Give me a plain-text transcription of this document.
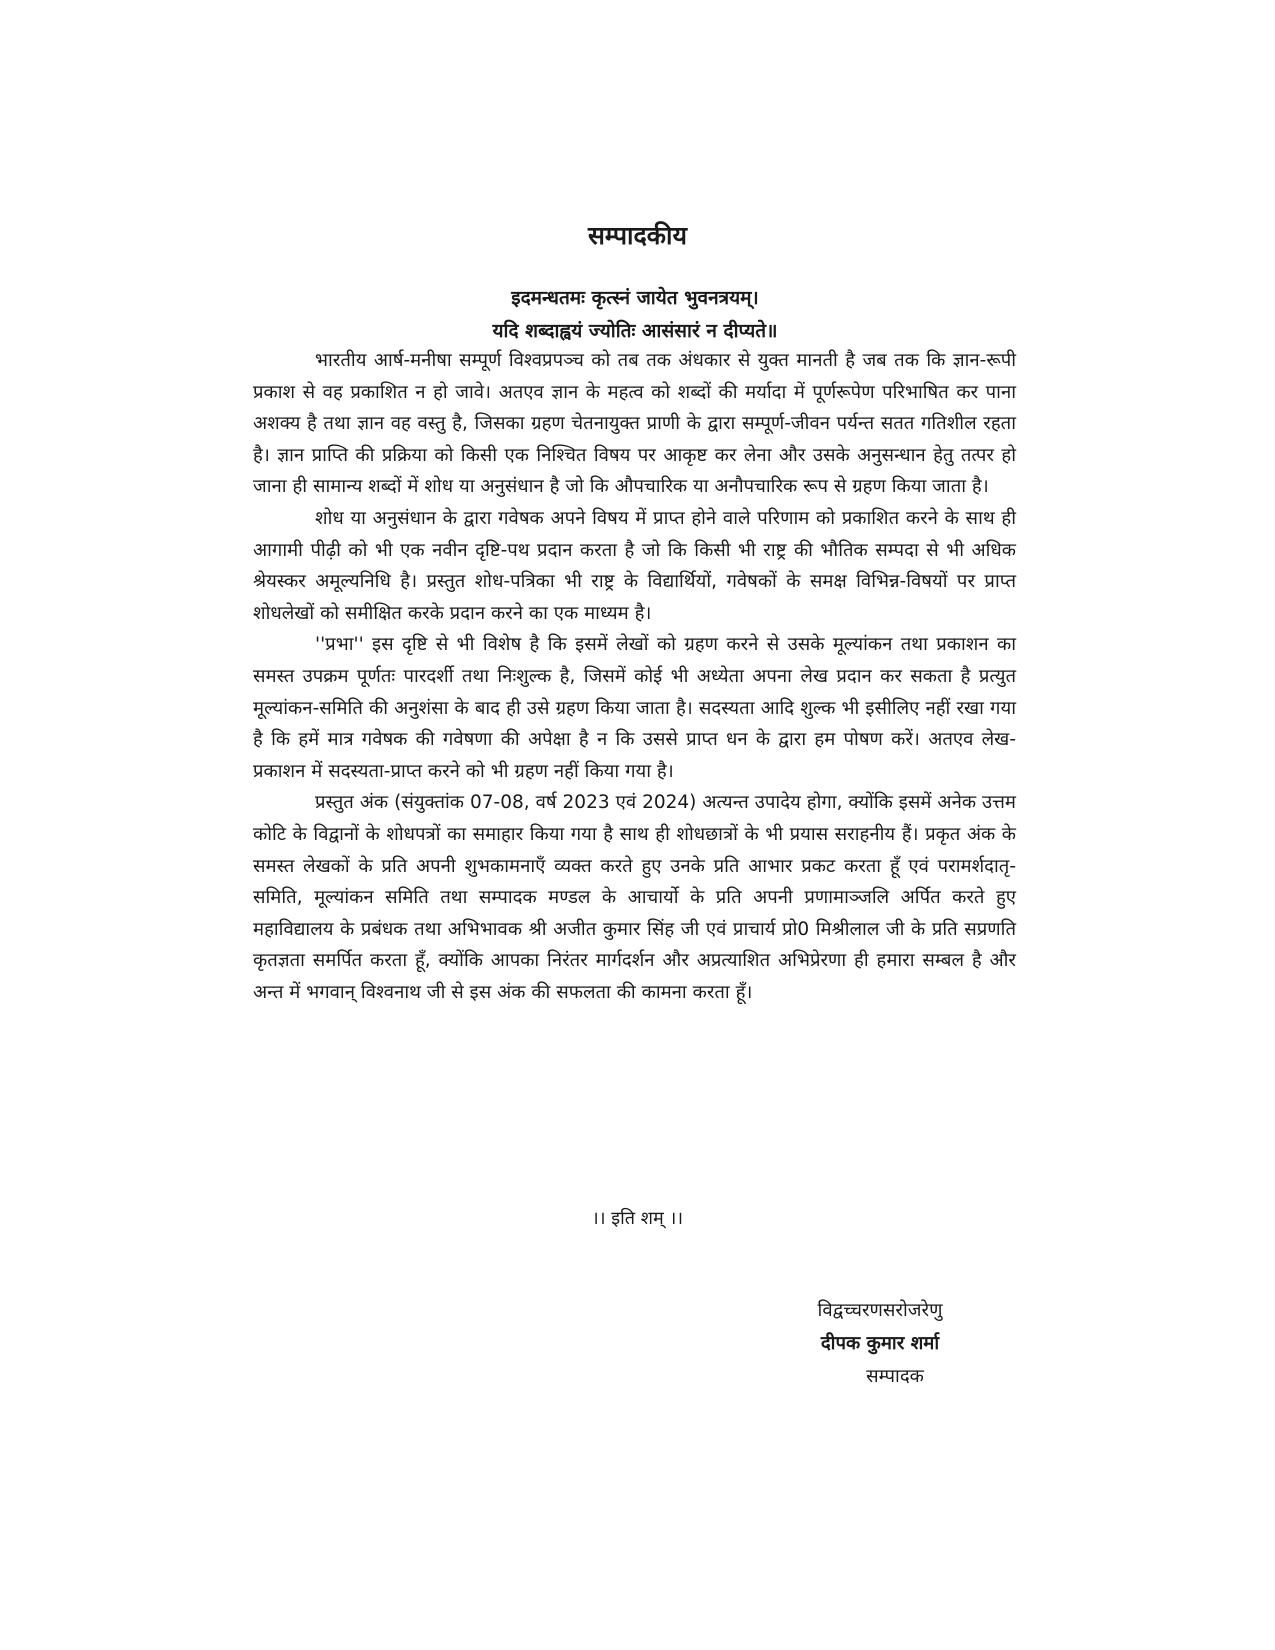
सम्पादकीय
इदमन्धतमः कृत्स्नं जायेत भुवनत्रयम्।
यदि शब्दाह्वयं ज्योतिः आसंसारं न दीप्यते॥

भारतीय आर्ष-मनीषा सम्पूर्ण विश्वप्रपञ्च को तब तक अंधकार से युक्त मानती है जब तक कि ज्ञान-रूपी प्रकाश से वह प्रकाशित न हो जावे। अतएव ज्ञान के महत्व को शब्दों की मर्यादा में पूर्णरूपेण परिभाषित कर पाना अशक्य है तथा ज्ञान वह वस्तु है, जिसका ग्रहण चेतनायुक्त प्राणी के द्वारा सम्पूर्ण-जीवन पर्यन्त सतत गतिशील रहता है। ज्ञान प्राप्ति की प्रक्रिया को किसी एक निश्चित विषय पर आकृष्ट कर लेना और उसके अनुसन्धान हेतु तत्पर हो जाना ही सामान्य शब्दों में शोध या अनुसंधान है जो कि औपचारिक या अनौपचारिक रूप से ग्रहण किया जाता है।

शोध या अनुसंधान के द्वारा गवेषक अपने विषय में प्राप्त होने वाले परिणाम को प्रकाशित करने के साथ ही आगामी पीढ़ी को भी एक नवीन दृष्टि-पथ प्रदान करता है जो कि किसी भी राष्ट्र की भौतिक सम्पदा से भी अधिक श्रेयस्कर अमूल्यनिधि है। प्रस्तुत शोध-पत्रिका भी राष्ट्र के विद्यार्थियों, गवेषकों के समक्ष विभिन्न-विषयों पर प्राप्त शोधलेखों को समीक्षित करके प्रदान करने का एक माध्यम है।

''प्रभा'' इस दृष्टि से भी विशेष है कि इसमें लेखों को ग्रहण करने से उसके मूल्यांकन तथा प्रकाशन का समस्त उपक्रम पूर्णतः पारदर्शी तथा निःशुल्क है, जिसमें कोई भी अध्येता अपना लेख प्रदान कर सकता है प्रत्युत मूल्यांकन-समिति की अनुशंसा के बाद ही उसे ग्रहण किया जाता है। सदस्यता आदि शुल्क भी इसीलिए नहीं रखा गया है कि हमें मात्र गवेषक की गवेषणा की अपेक्षा है न कि उससे प्राप्त धन के द्वारा हम पोषण करें। अतएव लेख-प्रकाशन में सदस्यता-प्राप्त करने को भी ग्रहण नहीं किया गया है।

प्रस्तुत अंक (संयुक्तांक 07-08, वर्ष 2023 एवं 2024) अत्यन्त उपादेय होगा, क्योंकि इसमें अनेक उत्तम कोटि के विद्वानों के शोधपत्रों का समाहार किया गया है साथ ही शोधछात्रों के भी प्रयास सराहनीय हैं। प्रकृत अंक के समस्त लेखकों के प्रति अपनी शुभकामनाएँ व्यक्त करते हुए उनके प्रति आभार प्रकट करता हूँ एवं परामर्शदातृ-समिति, मूल्यांकन समिति तथा सम्पादक मण्डल के आचार्यो के प्रति अपनी प्रणामाञ्जलि अर्पित करते हुए महाविद्यालय के प्रबंधक तथा अभिभावक श्री अजीत कुमार सिंह जी एवं प्राचार्य प्रो0 मिश्रीलाल जी के प्रति सप्रणति कृतज्ञता समर्पित करता हूँ, क्योंकि आपका निरंतर मार्गदर्शन और अप्रत्याशित अभिप्रेरणा ही हमारा सम्बल है और अन्त में भगवान् विश्वनाथ जी से इस अंक की सफलता की कामना करता हूँ।

।। इति शम् ।।
विद्वच्चरणसरोजरेणु
दीपक कुमार शर्मा
सम्पादक
